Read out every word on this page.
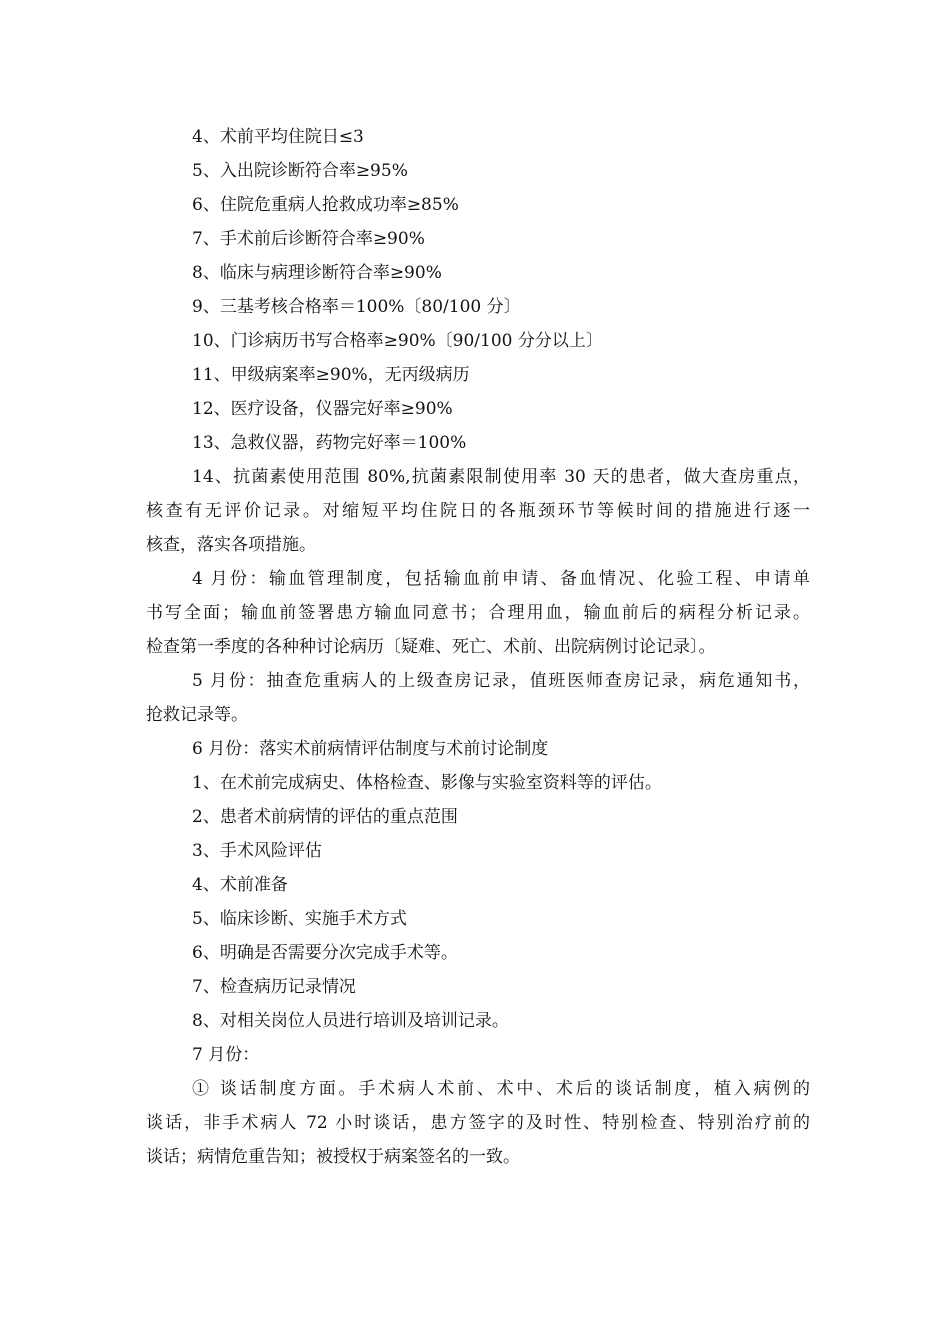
4、术前平均住院日≤3
5、入出院诊断符合率≥95%
6、住院危重病人抢救成功率≥85%
7、手术前后诊断符合率≥90%
8、临床与病理诊断符合率≥90%
9、三基考核合格率＝100%〔80/100 分〕
10、门诊病历书写合格率≥90%〔90/100 分分以上〕
11、甲级病案率≥90%，无丙级病历
12、医疗设备，仪器完好率≥90%
13、急救仪器，药物完好率＝100%
14、抗菌素使用范围 80%,抗菌素限制使用率 30 天的患者，做大查房重点，
核查有无评价记录。对缩短平均住院日的各瓶颈环节等候时间的措施进行逐一
核查，落实各项措施。
4 月份：输血管理制度，包括输血前申请、备血情况、化验工程、申请单
书写全面；输血前签署患方输血同意书；合理用血，输血前后的病程分析记录。
检查第一季度的各种种讨论病历〔疑难、死亡、术前、出院病例讨论记录〕。
5 月份：抽查危重病人的上级查房记录，值班医师查房记录，病危通知书，
抢救记录等。
6 月份：落实术前病情评估制度与术前讨论制度
1、在术前完成病史、体格检查、影像与实验室资料等的评估。
2、患者术前病情的评估的重点范围
3、手术风险评估
4、术前准备
5、临床诊断、实施手术方式
6、明确是否需要分次完成手术等。
7、检查病历记录情况
8、对相关岗位人员进行培训及培训记录。
7 月份：
① 谈话制度方面。手术病人术前、术中、术后的谈话制度，植入病例的
谈话，非手术病人 72 小时谈话，患方签字的及时性、特别检查、特别治疗前的
谈话；病情危重告知；被授权于病案签名的一致。
